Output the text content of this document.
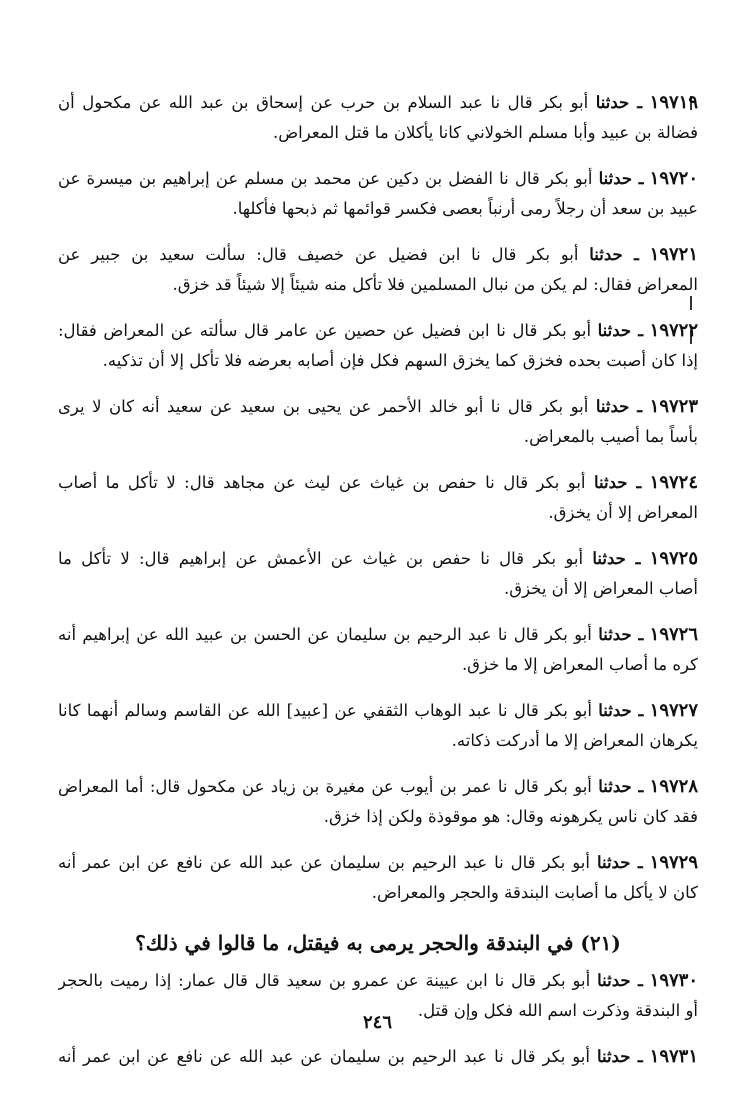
١٩٧١٩ ـ حدثنا أبو بكر قال نا عبد السلام بن حرب عن إسحاق بن عبد الله عن مكحول أن
فضالة بن عبيد وأبا مسلم الخولاني كانا يأكلان ما قتل المعراض.
١٩٧٢٠ ـ حدثنا أبو بكر قال نا الفضل بن دكين عن محمد بن مسلم عن إبراهيم بن ميسرة عن
عبيد بن سعد أن رجلاً رمى أرنباً بعصى فكسر قوائمها ثم ذبحها فأكلها.
١٩٧٢١ ـ حدثنا أبو بكر قال نا ابن فضيل عن خصيف قال: سألت سعيد بن جبير عن
المعراض فقال: لم يكن من نبال المسلمين فلا تأكل منه شيئاً إلا شيئاً قد خزق.
١٩٧٢٢ ـ حدثنا أبو بكر قال نا ابن فضيل عن حصين عن عامر قال سألته عن المعراض فقال:
إذا كان أصبت بحده فخزق كما يخزق السهم فكل فإن أصابه بعرضه فلا تأكل إلا أن تذكيه.
١٩٧٢٣ ـ حدثنا أبو بكر قال نا أبو خالد الأحمر عن يحيى بن سعيد عن سعيد أنه كان لا يرى
بأساً بما أصيب بالمعراض.
١٩٧٢٤ ـ حدثنا أبو بكر قال نا حفص بن غياث عن ليث عن مجاهد قال: لا تأكل ما أصاب
المعراض إلا أن يخزق.
١٩٧٢٥ ـ حدثنا أبو بكر قال نا حفص بن غياث عن الأعمش عن إبراهيم قال: لا تأكل ما
أصاب المعراض إلا أن يخزق.
١٩٧٢٦ ـ حدثنا أبو بكر قال نا عبد الرحيم بن سليمان عن الحسن بن عبيد الله عن إبراهيم أنه
كره ما أصاب المعراض إلا ما خزق.
١٩٧٢٧ ـ حدثنا أبو بكر قال نا عبد الوهاب الثقفي عن [عبيد] الله عن القاسم وسالم أنهما كانا
يكرهان المعراض إلا ما أدركت ذكاته.
١٩٧٢٨ ـ حدثنا أبو بكر قال نا عمر بن أيوب عن مغيرة بن زياد عن مكحول قال: أما المعراض
فقد كان ناس يكرهونه وقال: هو موقوذة ولكن إذا خزق.
١٩٧٢٩ ـ حدثنا أبو بكر قال نا عبد الرحيم بن سليمان عن عبد الله عن نافع عن ابن عمر أنه
كان لا يأكل ما أصابت البندقة والحجر والمعراض.
(٢١) في البندقة والحجر يرمى به فيقتل، ما قالوا في ذلك؟
١٩٧٣٠ ـ حدثنا أبو بكر قال نا ابن عيينة عن عمرو بن سعيد قال قال عمار: إذا رميت بالحجر
أو البندقة وذكرت اسم الله فكل وإن قتل.
١٩٧٣١ ـ حدثنا أبو بكر قال نا عبد الرحيم بن سليمان عن عبد الله عن نافع عن ابن عمر أنه
٢٤٦
